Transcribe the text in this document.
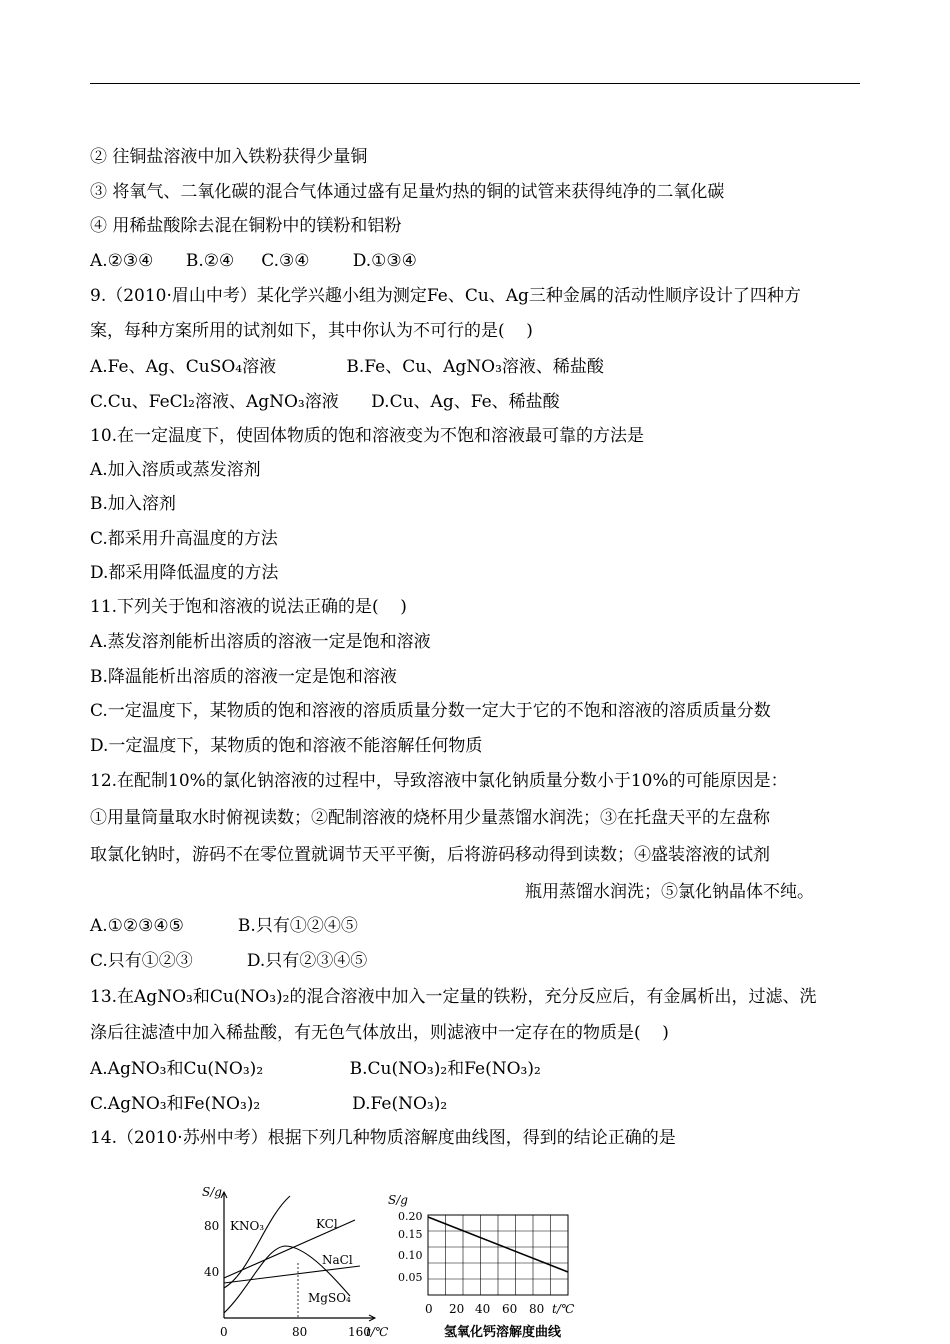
② 往铜盐溶液中加入铁粉获得少量铜
③ 将氧气、二氧化碳的混合气体通过盛有足量灼热的铜的试管来获得纯净的二氧化碳
④ 用稀盐酸除去混在铜粉中的镁粉和铝粉
A.②③④      B.②④     C.③④        D.①③④
9.（2010·眉山中考）某化学兴趣小组为测定Fe、Cu、Ag三种金属的活动性顺序设计了四种方
案，每种方案所用的试剂如下，其中你认为不可行的是(    )
A.Fe、Ag、CuSO₄溶液             B.Fe、Cu、AgNO₃溶液、稀盐酸
C.Cu、FeCl₂溶液、AgNO₃溶液      D.Cu、Ag、Fe、稀盐酸
10.在一定温度下，使固体物质的饱和溶液变为不饱和溶液最可靠的方法是
A.加入溶质或蒸发溶剂
B.加入溶剂
C.都采用升高温度的方法
D.都采用降低温度的方法
11.下列关于饱和溶液的说法正确的是(    )
A.蒸发溶剂能析出溶质的溶液一定是饱和溶液
B.降温能析出溶质的溶液一定是饱和溶液
C.一定温度下，某物质的饱和溶液的溶质质量分数一定大于它的不饱和溶液的溶质质量分数
D.一定温度下，某物质的饱和溶液不能溶解任何物质
12.在配制10%的氯化钠溶液的过程中，导致溶液中氯化钠质量分数小于10%的可能原因是：
①用量筒量取水时俯视读数；②配制溶液的烧杯用少量蒸馏水润洗；③在托盘天平的左盘称
取氯化钠时，游码不在零位置就调节天平平衡，后将游码移动得到读数；④盛装溶液的试剂
瓶用蒸馏水润洗；⑤氯化钠晶体不纯。
A.①②③④⑤          B.只有①②④⑤
C.只有①②③          D.只有②③④⑤
13.在AgNO₃和Cu(NO₃)₂的混合溶液中加入一定量的铁粉，充分反应后，有金属析出，过滤、洗
涤后往滤渣中加入稀盐酸，有无色气体放出，则滤液中一定存在的物质是(    )
A.AgNO₃和Cu(NO₃)₂                B.Cu(NO₃)₂和Fe(NO₃)₂
C.AgNO₃和Fe(NO₃)₂                 D.Fe(NO₃)₂
14.（2010·苏州中考）根据下列几种物质溶解度曲线图，得到的结论正确的是
S/g
80
40
0	80	160
t/℃
KNO₃	KCl
NaCl
MgSO₄
S/g
0.20
0.15
0.10
0.05
0 20 40 60 80 t/℃
氢氧化钙溶解度曲线
